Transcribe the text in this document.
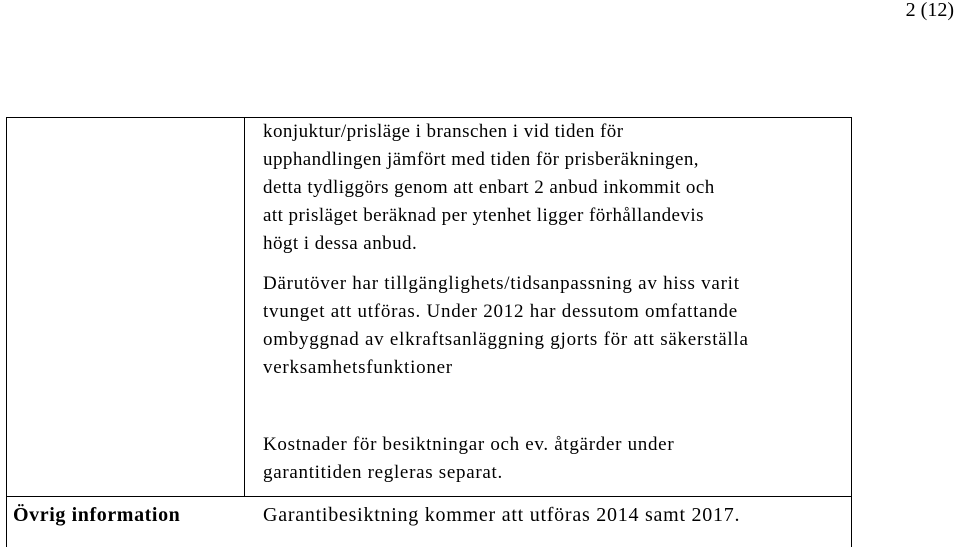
2 (12)

konjuktur/prisläge i branschen i vid tiden för
upphandlingen jämfört med tiden för prisberäkningen,
detta tydliggörs genom att enbart 2 anbud inkommit och
att prisläget beräknad per ytenhet ligger förhållandevis
högt i dessa anbud.

Därutöver har tillgänglighets/tidsanpassning av hiss varit
tvunget att utföras. Under 2012 har dessutom omfattande
ombyggnad av elkraftsanläggning gjorts för att säkerställa
verksamhetsfunktioner

Kostnader för besiktningar och ev. åtgärder under
garantitiden regleras separat.

Övrig information	Garantibesiktning kommer att utföras 2014 samt 2017.
